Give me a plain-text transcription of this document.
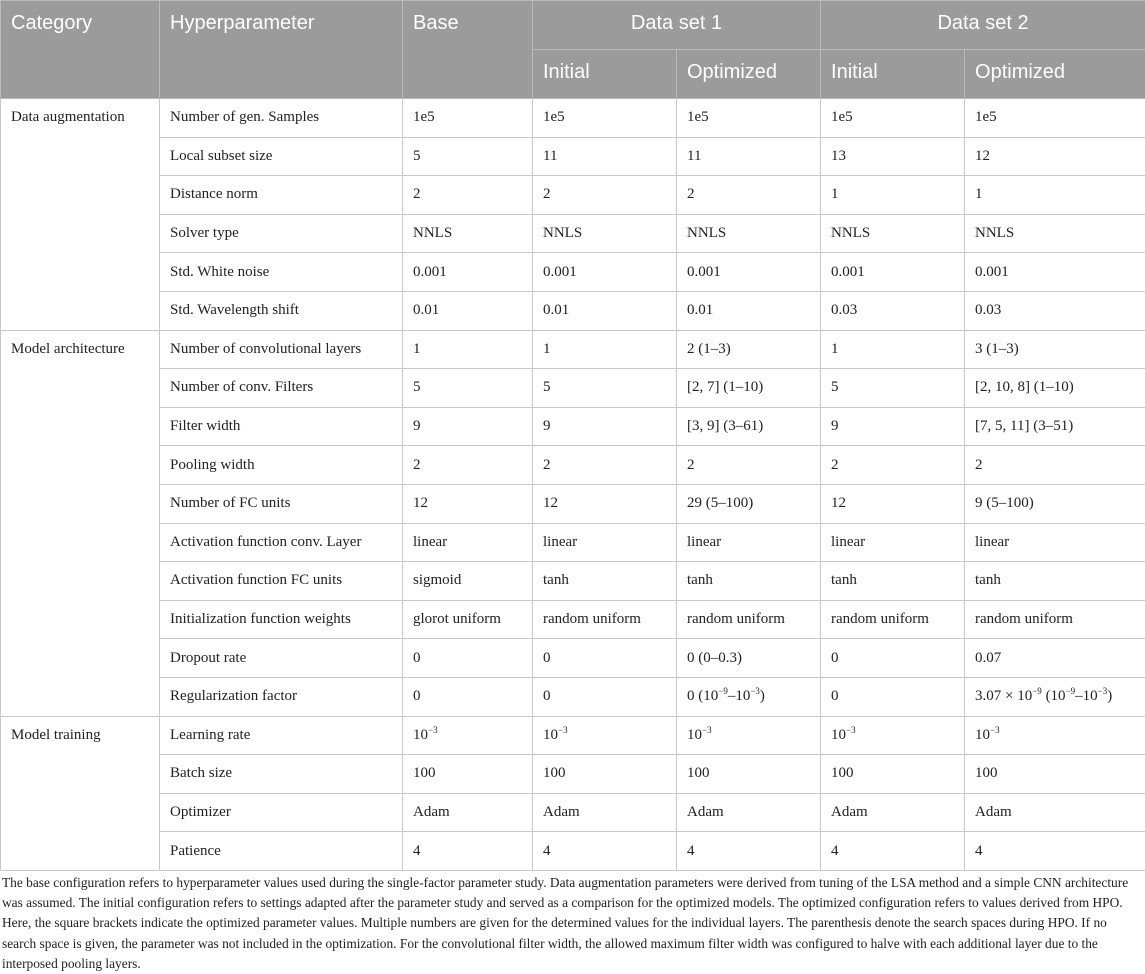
Category	Hyperparameter	Base	Data set 1		Data set 2	
			Initial	Optimized	Initial	Optimized
Data augmentation	Number of gen. Samples	1e5	1e5	1e5	1e5	1e5
	Local subset size	5	11	11	13	12
	Distance norm	2	2	2	1	1
	Solver type	NNLS	NNLS	NNLS	NNLS	NNLS
	Std. White noise	0.001	0.001	0.001	0.001	0.001
	Std. Wavelength shift	0.01	0.01	0.01	0.03	0.03
Model architecture	Number of convolutional layers	1	1	2 (1–3)	1	3 (1–3)
	Number of conv. Filters	5	5	[2, 7] (1–10)	5	[2, 10, 8] (1–10)
	Filter width	9	9	[3, 9] (3–61)	9	[7, 5, 11] (3–51)
	Pooling width	2	2	2	2	2
	Number of FC units	12	12	29 (5–100)	12	9 (5–100)
	Activation function conv. Layer	linear	linear	linear	linear	linear
	Activation function FC units	sigmoid	tanh	tanh	tanh	tanh
	Initialization function weights	glorot uniform	random uniform	random uniform	random uniform	random uniform
	Dropout rate	0	0	0 (0–0.3)	0	0.07
	Regularization factor	0	0	0 $(10^{-9}-10^{-3})$	0	$3.07 \times 10^{-9}$ $(10^{-9}-10^{-3})$
Model training	Learning rate	$10^{-3}$	$10^{-3}$	$10^{-3}$	$10^{-3}$	$10^{-3}$
	Batch size	100	100	100	100	100
	Optimizer	Adam	Adam	Adam	Adam	Adam
	Patience	4	4	4	4	4
The base configuration refers to hyperparameter values used during the single-factor parameter study. Data augmentation parameters were derived from tuning of the LSA method and a simple CNN architecture was assumed. The initial configuration refers to settings adapted after the parameter study and served as a comparison for the optimized models. The optimized configuration refers to values derived from HPO. Here, the square brackets indicate the optimized parameter values. Multiple numbers are given for the determined values for the individual layers. The parenthesis denote the search spaces during HPO. If no search space is given, the parameter was not included in the optimization. For the convolutional filter width, the allowed maximum filter width was configured to halve with each additional layer due to the interposed pooling layers.
